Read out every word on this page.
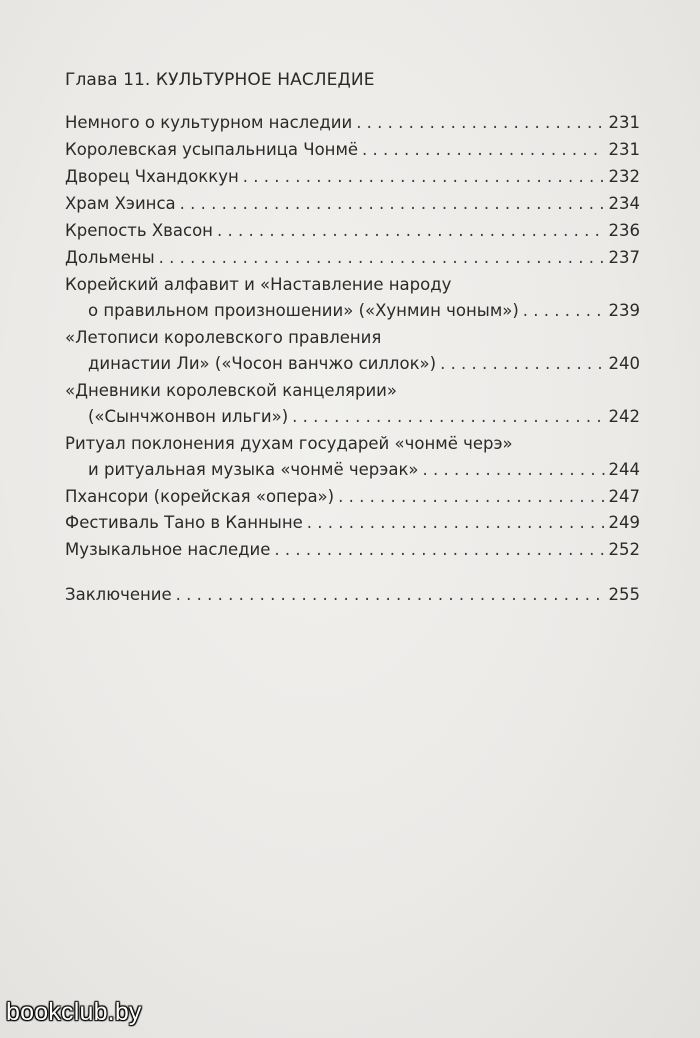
Глава 11. КУЛЬТУРНОЕ НАСЛЕДИЕ
Немного о культурном наследии . . .	231
Королевская усыпальница Чонмё . . .	231
Дворец Чхандоккун . . .	232
Храм Хэинса . . .	234
Крепость Хвасон . . .	236
Дольмены . . .	237
Корейский алфавит и «Наставление народу
о правильном произношении» («Хунмин чоным») . . .	239
«Летописи королевского правления
династии Ли» («Чосон ванчжо силлок») . . .	240
«Дневники королевской канцелярии»
(«Сынчжонвон ильги») . . .	242
Ритуал поклонения духам государей «чонмё черэ»
и ритуальная музыка «чонмё черэак» . . .	244
Пхансори (корейская «опера») . . .	247
Фестиваль Тано в Канныне . . .	249
Музыкальное наследие . . .	252
Заключение . . .	255
bookclub.by
